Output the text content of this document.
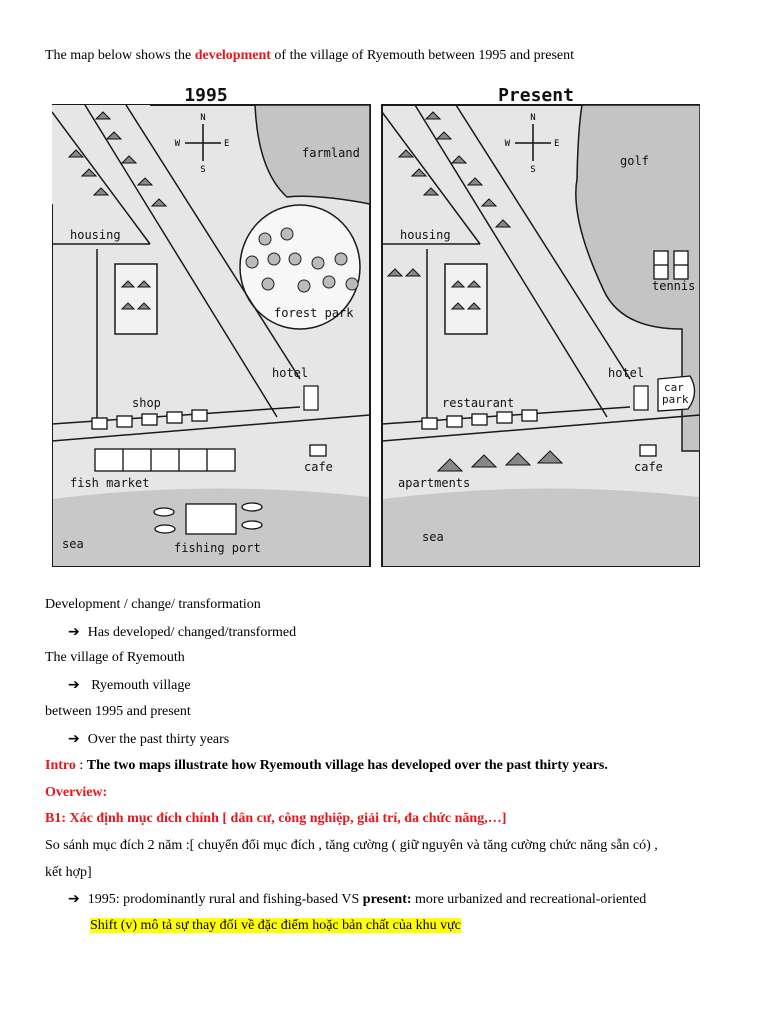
The map below shows the development of the village of Ryemouth between 1995 and present
1995
farmland
forest park
N
S
W	E
housing
hotel
shop
cafe
fish market
sea	fishing port
Present
golf
tennis
N
S
W	E
housing
hotel
car
park
restaurant
cafe
apartments
sea
Development / change/ transformation
➔ Has developed/ changed/transformed
The village of Ryemouth
➔ Ryemouth village
between 1995 and present
➔ Over the past thirty years
Intro : The two maps illustrate how Ryemouth village has developed over the past thirty years.
Overview:
B1: Xác định mục đích chính [ dân cư, công nghiệp, giải trí, đa chức năng,…]
So sánh mục đích 2 năm :[ chuyển đổi mục đích , tăng cường ( giữ nguyên và tăng cường chức năng sẵn có) ,
kết hợp]
➔ 1995: prodominantly rural and fishing-based VS present: more urbanized and recreational-oriented
Shift (v) mô tả sự thay đổi về đặc điểm hoặc bản chất của khu vực
